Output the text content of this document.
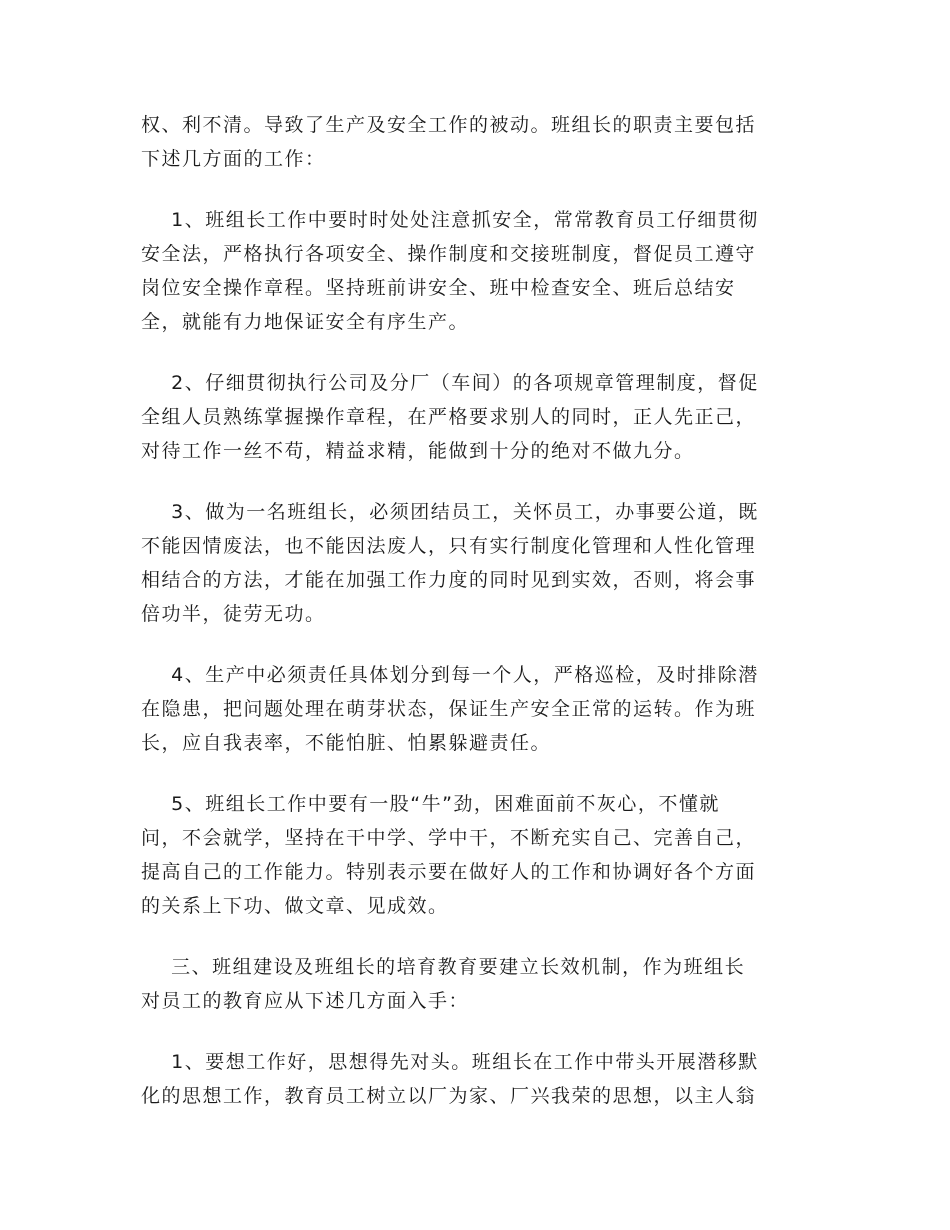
权、利不清。导致了生产及安全工作的被动。班组长的职责主要包括
下述几方面的工作：
1、班组长工作中要时时处处注意抓安全，常常教育员工仔细贯彻
安全法，严格执行各项安全、操作制度和交接班制度，督促员工遵守
岗位安全操作章程。坚持班前讲安全、班中检查安全、班后总结安
全，就能有力地保证安全有序生产。
2、仔细贯彻执行公司及分厂（车间）的各项规章管理制度，督促
全组人员熟练掌握操作章程，在严格要求别人的同时，正人先正己，
对待工作一丝不苟，精益求精，能做到十分的绝对不做九分。
3、做为一名班组长，必须团结员工，关怀员工，办事要公道，既
不能因情废法，也不能因法废人，只有实行制度化管理和人性化管理
相结合的方法，才能在加强工作力度的同时见到实效，否则，将会事
倍功半，徒劳无功。
4、生产中必须责任具体划分到每一个人，严格巡检，及时排除潜
在隐患，把问题处理在萌芽状态，保证生产安全正常的运转。作为班
长，应自我表率，不能怕脏、怕累躲避责任。
5、班组长工作中要有一股“牛”劲，困难面前不灰心，不懂就
问，不会就学，坚持在干中学、学中干，不断充实自己、完善自己，
提高自己的工作能力。特别表示要在做好人的工作和协调好各个方面
的关系上下功、做文章、见成效。
三、班组建设及班组长的培育教育要建立长效机制，作为班组长
对员工的教育应从下述几方面入手：
1、要想工作好，思想得先对头。班组长在工作中带头开展潜移默
化的思想工作，教育员工树立以厂为家、厂兴我荣的思想，以主人翁
